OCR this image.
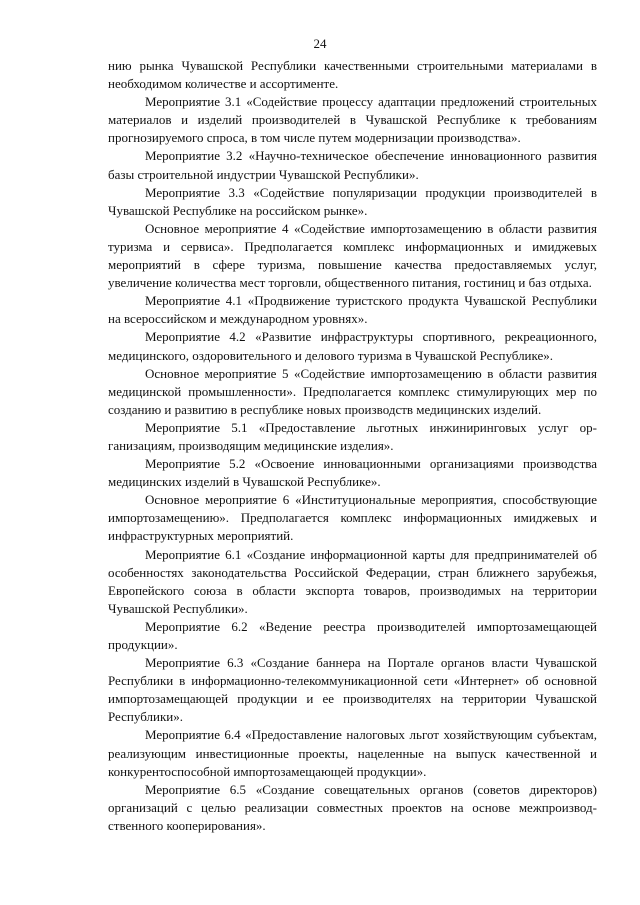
24

нию рынка Чувашской Республики качественными строительными материалами в необходимом количестве и ассортименте.

Мероприятие 3.1 «Содействие процессу адаптации предложений строительных материалов и изделий производителей в Чувашской Республике к требованиям прогнозируемого спроса, в том числе путем модернизации производства».

Мероприятие 3.2 «Научно-техническое обеспечение инновационного развития базы строительной индустрии Чувашской Республики».

Мероприятие 3.3 «Содействие популяризации продукции производителей в Чувашской Республике на российском рынке».

Основное мероприятие 4 «Содействие импортозамещению в области развития туризма и сервиса». Предполагается комплекс информационных и имиджевых мероприятий в сфере туризма, повышение качества предоставляемых услуг, увеличение количества мест торговли, общественного питания, гостиниц и баз отдыха.

Мероприятие 4.1 «Продвижение туристского продукта Чувашской Республики на всероссийском и международном уровнях».

Мероприятие 4.2 «Развитие инфраструктуры спортивного, рекреационного, медицинского, оздоровительного и делового туризма в Чувашской Республике».

Основное мероприятие 5 «Содействие импортозамещению в области развития медицинской промышленности». Предполагается комплекс стимулирующих мер по созданию и развитию в республике новых производств медицинских изделий.

Мероприятие 5.1 «Предоставление льготных инжиниринговых услуг организациям, производящим медицинские изделия».

Мероприятие 5.2 «Освоение инновационными организациями производства медицинских изделий в Чувашской Республике».

Основное мероприятие 6 «Институциональные мероприятия, способствующие импортозамещению». Предполагается комплекс информационных имиджевых и инфраструктурных мероприятий.

Мероприятие 6.1 «Создание информационной карты для предпринимателей об особенностях законодательства Российской Федерации, стран ближнего зарубежья, Европейского союза в области экспорта товаров, производимых на территории Чувашской Республики».

Мероприятие 6.2 «Ведение реестра производителей импортозамещающей продукции».

Мероприятие 6.3 «Создание баннера на Портале органов власти Чувашской Республики в информационно-телекоммуникационной сети «Интернет» об основной импортозамещающей продукции и ее производителях на территории Чувашской Республики».

Мероприятие 6.4 «Предоставление налоговых льгот хозяйствующим субъектам, реализующим инвестиционные проекты, нацеленные на выпуск качественной и конкурентоспособной импортозамещающей продукции».

Мероприятие 6.5 «Создание совещательных органов (советов директоров) организаций с целью реализации совместных проектов на основе межпроизводственного кооперирования».
